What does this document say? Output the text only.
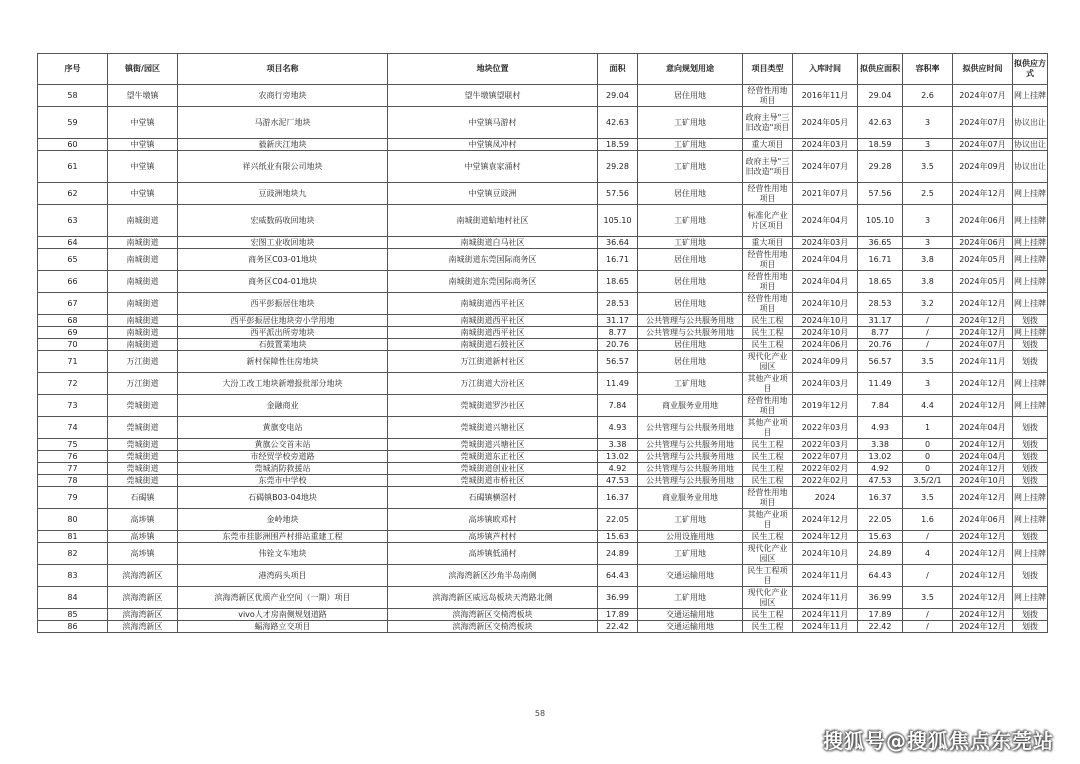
序号	镇街/园区	项目名称	地块位置	面积	意向规划用途	项目类型	入库时间	拟供应面积	容积率	拟供应时间	拟供应方式
58	望牛墩镇	农商行旁地块	望牛墩镇望联村	29.04	居住用地	经营性用地项目	2016年11月	29.04	2.6	2024年07月	网上挂牌
59	中堂镇	马游水泥厂地块	中堂镇马游村	42.63	工矿用地	政府主导"三旧改造"项目	2024年05月	42.63	3	2024年07月	协议出让
60	中堂镇	毅新庆江地块	中堂镇凤冲村	18.59	工矿用地	重大项目	2024年03月	18.59	3	2024年07月	协议出让
61	中堂镇	祥兴纸业有限公司地块	中堂镇袁家涌村	29.28	工矿用地	政府主导"三旧改造"项目	2024年07月	29.28	3.5	2024年09月	协议出让
62	中堂镇	豆豉洲地块九	中堂镇豆豉洲	57.56	居住用地	经营性用地项目	2021年07月	57.56	2.5	2024年12月	网上挂牌
63	南城街道	宏威数码收回地块	南城街道蛤地村社区	105.10	工矿用地	标准化产业片区项目	2024年04月	105.10	3	2024年06月	网上挂牌
64	南城街道	宏图工业收回地块	南城街道白马社区	36.64	工矿用地	重大项目	2024年03月	36.65	3	2024年06月	网上挂牌
65	南城街道	商务区C03-01地块	南城街道东莞国际商务区	16.71	居住用地	经营性用地项目	2024年04月	16.71	3.8	2024年05月	网上挂牌
66	南城街道	商务区C04-01地块	南城街道东莞国际商务区	18.65	居住用地	经营性用地项目	2024年04月	18.65	3.8	2024年05月	网上挂牌
67	南城街道	西平彭振居住地块	南城街道西平社区	28.53	居住用地	经营性用地项目	2024年10月	28.53	3.2	2024年12月	网上挂牌
68	南城街道	西平彭振居住地块旁小学用地	南城街道西平社区	31.17	公共管理与公共服务用地	民生工程	2024年10月	31.17	/	2024年12月	划拨
69	南城街道	西平派出所旁地块	南城街道西平社区	8.77	公共管理与公共服务用地	民生工程	2024年10月	8.77	/	2024年12月	网上挂牌
70	南城街道	石鼓置業地块	南城街道石鼓社区	20.76	居住用地	民生工程	2024年06月	20.76	/	2024年07月	划拨
71	万江街道	新村保障性住房地块	万江街道新村社区	56.57	居住用地	现代化产业园区	2024年09月	56.57	3.5	2024年11月	划拨
72	万江街道	大汾工改工地块新增报批部分地块	万江街道大汾社区	11.49	工矿用地	其他产业项目	2024年03月	11.49	3	2024年12月	网上挂牌
73	莞城街道	金融商业	莞城街道罗沙社区	7.84	商业服务业用地	经营性用地项目	2019年12月	7.84	4.4	2024年12月	网上挂牌
74	莞城街道	黄旗变电站	莞城街道兴塘社区	4.93	公共管理与公共服务用地	其他产业项目	2022年03月	4.93	1	2024年04月	划拨
75	莞城街道	黄旗公交首末站	莞城街道兴塘社区	3.38	公共管理与公共服务用地	民生工程	2022年03月	3.38	0	2024年12月	划拨
76	莞城街道	市经贸学校旁道路	莞城街道东正社区	13.02	公共管理与公共服务用地	民生工程	2022年07月	13.02	0	2024年04月	划拨
77	莞城街道	莞城消防救援站	莞城街道创业社区	4.92	公共管理与公共服务用地	民生工程	2022年02月	4.92	0	2024年12月	划拨
78	莞城街道	东莞市中学校	莞城街道市桥社区	47.53	公共管理与公共服务用地	民生工程	2022年02月	47.53	3.5/2/1	2024年10月	划拨
79	石碣镇	石碣镇B03-04地块	石碣镇横滘村	16.37	商业服务业用地	经营性用地项目	2024	16.37	3.5	2024年12月	网上挂牌
80	高埗镇	金岭地块	高埗镇欧邓村	22.05	工矿用地	其他产业项目	2024年12月	22.05	1.6	2024年06月	网上挂牌
81	高埗镇	东莞市挂影洲围芦村排站重建工程	高埗镇芦村村	15.63	公用设施用地	民生工程	2024年12月	15.63	/	2024年12月	划拨
82	高埗镇	伟铨文车地块	高埗镇低涌村	24.89	工矿用地	现代化产业园区	2024年10月	24.89	4	2024年12月	网上挂牌
83	滨海湾新区	港湾码头项目	滨海湾新区沙角半岛南侧	64.43	交通运输用地	民生工程项目	2024年11月	64.43	/	2024年12月	划拨
84	滨海湾新区	滨海湾新区优质产业空间（一期）项目	滨海湾新区威远岛板块天湾路北侧	36.99	工矿用地	现代化产业园区	2024年11月	36.99	3.5	2024年12月	网上挂牌
85	滨海湾新区	vivo人才房南侧规划道路	滨海湾新区交椅湾板块	17.89	交通运输用地	民生工程	2024年11月	17.89	/	2024年12月	划拨
86	滨海湾新区	蝠海路立交项目	滨海湾新区交椅湾板块	22.42	交通运输用地	民生工程	2024年11月	22.42	/	2024年12月	划拨
58
搜狐号@搜狐焦点东莞站
